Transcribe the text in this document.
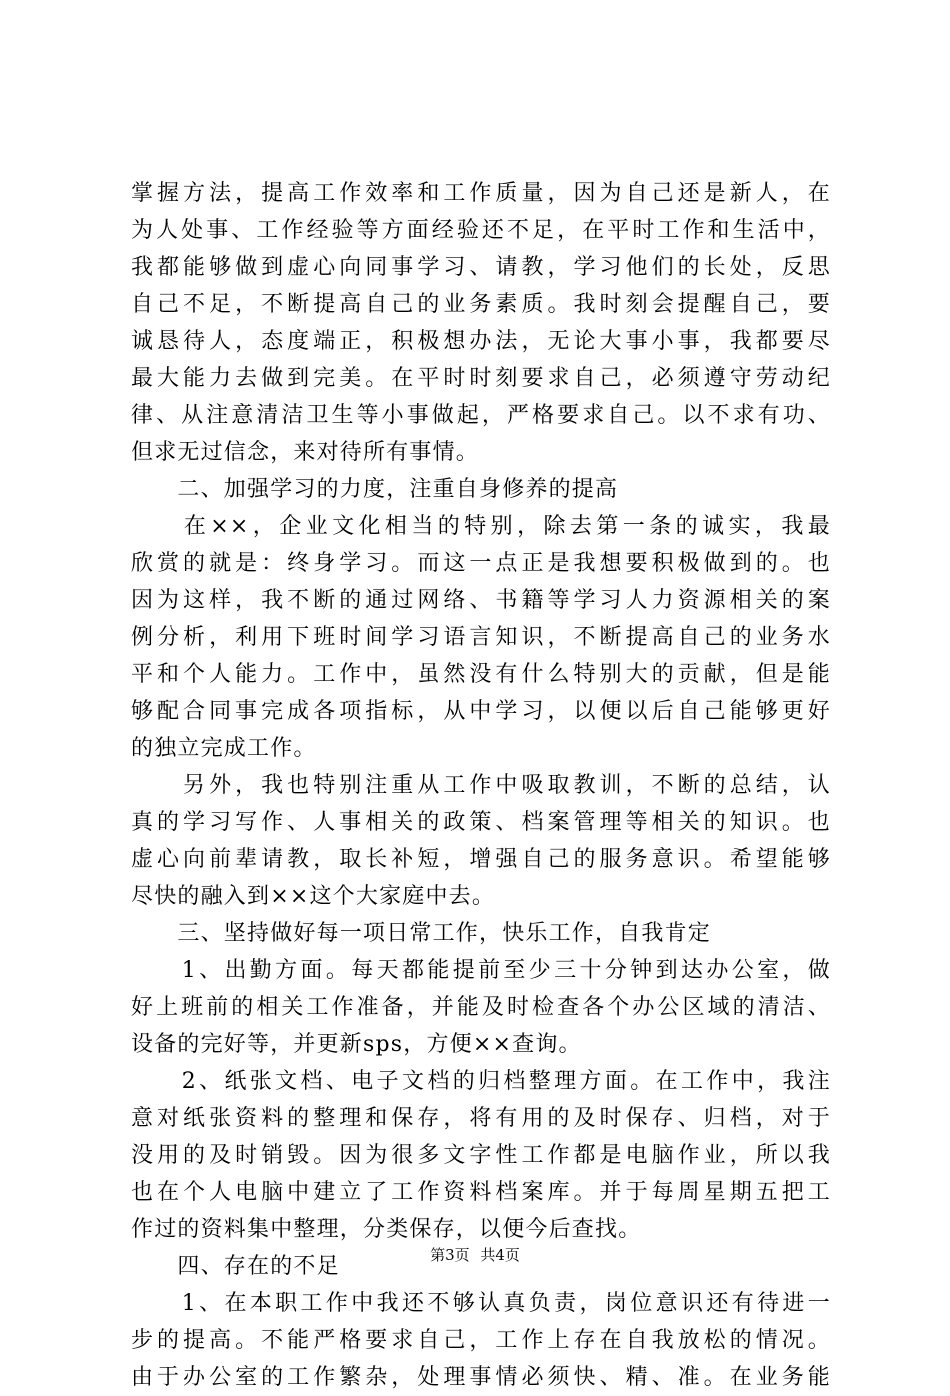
掌握方法，提高工作效率和工作质量，因为自己还是新人，在
为人处事、工作经验等方面经验还不足，在平时工作和生活中，
我都能够做到虚心向同事学习、请教，学习他们的长处，反思
自己不足，不断提高自己的业务素质。我时刻会提醒自己，要
诚恳待人，态度端正，积极想办法，无论大事小事，我都要尽
最大能力去做到完美。在平时时刻要求自己，必须遵守劳动纪
律、从注意清洁卫生等小事做起，严格要求自己。以不求有功、
但求无过信念，来对待所有事情。
　　二、加强学习的力度，注重自身修养的提高
　　在××，企业文化相当的特别，除去第一条的诚实，我最
欣赏的就是：终身学习。而这一点正是我想要积极做到的。也
因为这样，我不断的通过网络、书籍等学习人力资源相关的案
例分析，利用下班时间学习语言知识，不断提高自己的业务水
平和个人能力。工作中，虽然没有什么特别大的贡献，但是能
够配合同事完成各项指标，从中学习，以便以后自己能够更好
的独立完成工作。
　　另外，我也特别注重从工作中吸取教训，不断的总结，认
真的学习写作、人事相关的政策、档案管理等相关的知识。也
虚心向前辈请教，取长补短，增强自己的服务意识。希望能够
尽快的融入到××这个大家庭中去。
　　三、坚持做好每一项日常工作，快乐工作，自我肯定
　　1、出勤方面。每天都能提前至少三十分钟到达办公室，做
好上班前的相关工作准备，并能及时检查各个办公区域的清洁、
设备的完好等，并更新sps，方便××查询。
　　2、纸张文档、电子文档的归档整理方面。在工作中，我注
意对纸张资料的整理和保存，将有用的及时保存、归档，对于
没用的及时销毁。因为很多文字性工作都是电脑作业，所以我
也在个人电脑中建立了工作资料档案库。并于每周星期五把工
作过的资料集中整理，分类保存，以便今后查找。
　　四、存在的不足
　　1、在本职工作中我还不够认真负责，岗位意识还有待进一
步的提高。不能严格要求自己，工作上存在自我放松的情况。
由于办公室的工作繁杂，处理事情必须快、精、准。在业务能
第3页 共4页
